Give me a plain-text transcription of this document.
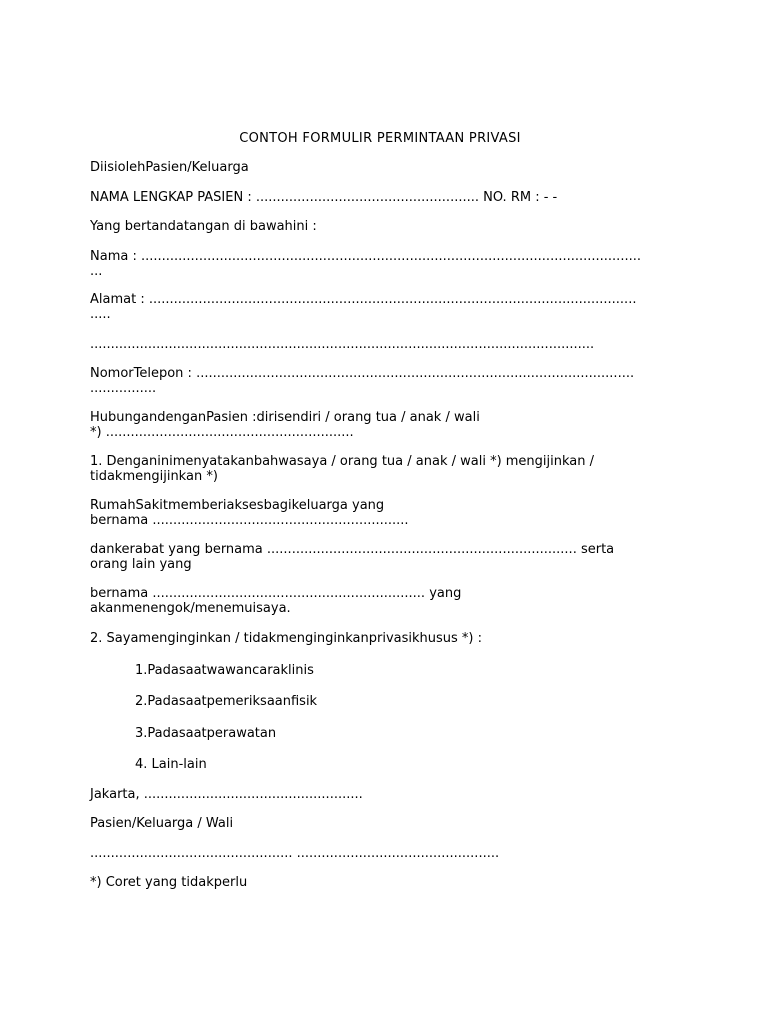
CONTOH FORMULIR PERMINTAAN PRIVASI
DiisiolehPasien/Keluarga
NAMA LENGKAP PASIEN : ...................................................... NO. RM : - -
Yang bertandatangan di bawahini :
Nama : .........................................................................................................................
...
Alamat : ......................................................................................................................
.....
..........................................................................................................................
NomorTelepon : ..........................................................................................................
................
HubungandenganPasien :dirisendiri / orang tua / anak / wali
*) ............................................................
1. Denganinimenyatakanbahwasaya / orang tua / anak / wali *) mengijinkan /
tidakmengijinkan *)
RumahSakitmemberiaksesbagikeluarga yang
bernama ..............................................................
dankerabat yang bernama ........................................................................... serta
orang lain yang
bernama .................................................................. yang
akanmenengok/menemuisaya.
2. Sayamenginginkan / tidakmenginginkanprivasikhusus *) :
1.Padasaatwawancaraklinis
2.Padasaatpemeriksaanfisik
3.Padasaatperawatan
4. Lain-lain
Jakarta, .....................................................
Pasien/Keluarga / Wali
................................................. .................................................
*) Coret yang tidakperlu
